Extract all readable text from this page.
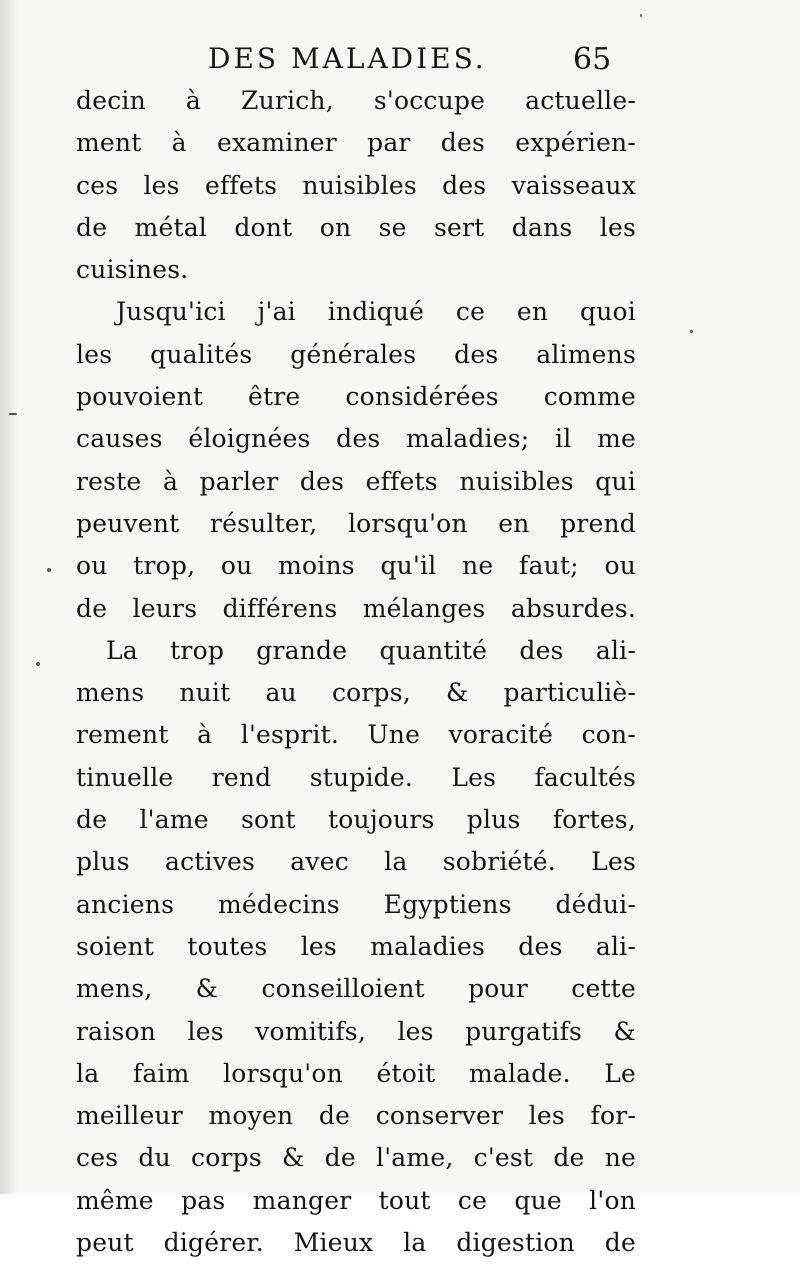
DES MALADIES.	65
decin à Zurich, s'occupe actuelle-
ment à examiner par des expérien-
ces les effets nuisibles des vaisseaux
de métal dont on se sert dans les
cuisines.
Jusqu'ici j'ai indiqué ce en quoi
les qualités générales des alimens
pouvoient être considérées comme
causes éloignées des maladies; il me
reste à parler des effets nuisibles qui
peuvent résulter, lorsqu'on en prend
ou trop, ou moins qu'il ne faut; ou
de leurs différens mélanges absurdes.
La trop grande quantité des ali-
mens nuit au corps, & particuliè-
rement à l'esprit. Une voracité con-
tinuelle rend stupide. Les facultés
de l'ame sont toujours plus fortes,
plus actives avec la sobriété. Les
anciens médecins Egyptiens dédui-
soient toutes les maladies des ali-
mens, & conseilloient pour cette
raison les vomitifs, les purgatifs &
la faim lorsqu'on étoit malade. Le
meilleur moyen de conserver les for-
ces du corps & de l'ame, c'est de ne
même pas manger tout ce que l'on
peut digérer. Mieux la digestion de
